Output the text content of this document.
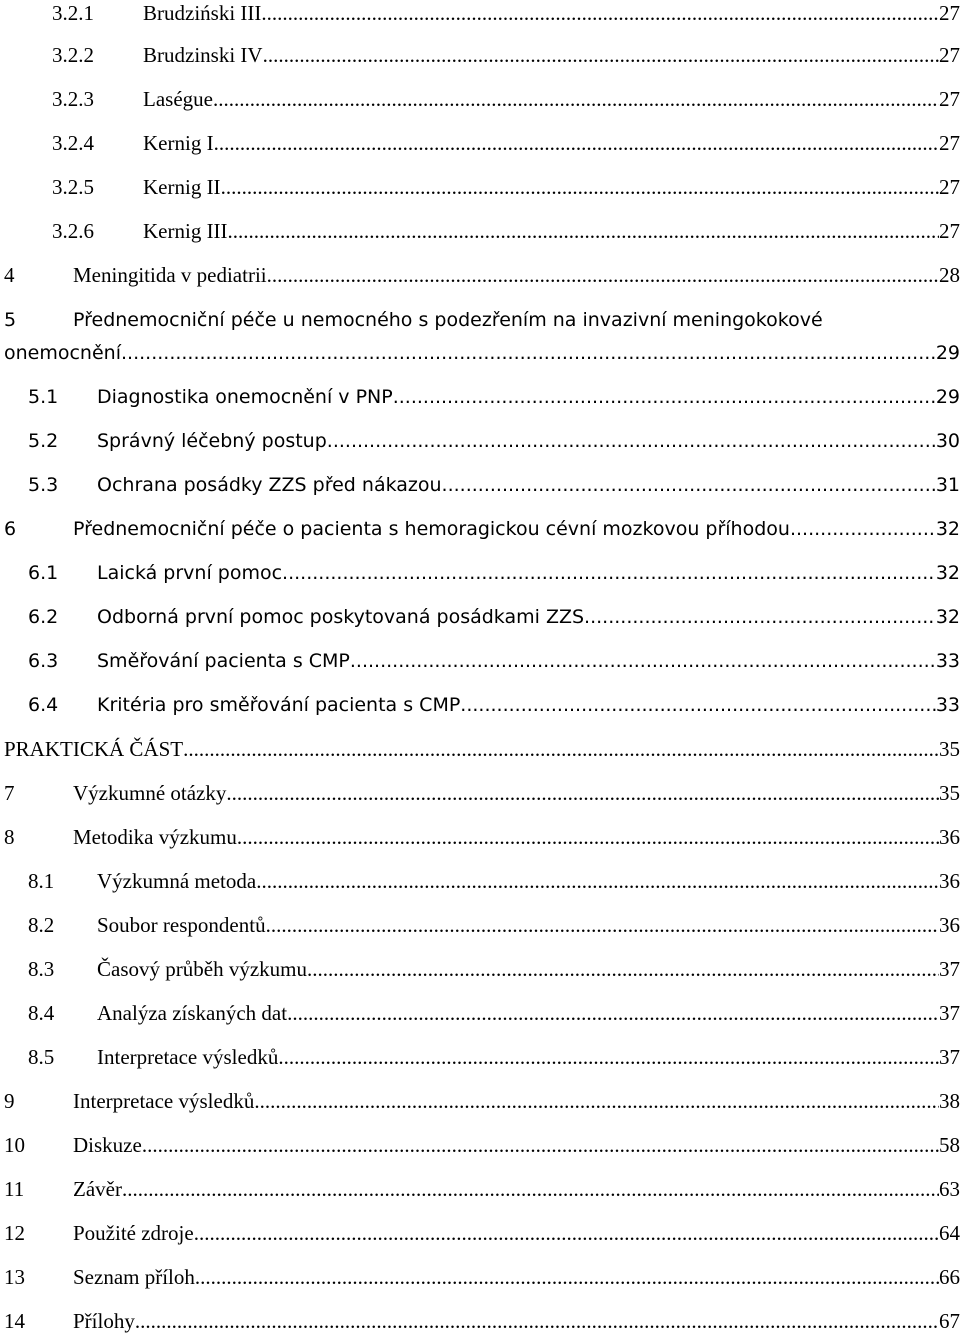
3.2.1 Brudziński III .....	27
3.2.2 Brudzinski IV .....	27
3.2.3 Laségue .....	27
3.2.4 Kernig I .....	27
3.2.5 Kernig II .....	27
3.2.6 Kernig III .....	27
4	Meningitida v pediatrii .....	28
5	Přednemocniční péče u nemocného s podezřením na invazivní meningokokové
onemocnění .....	29
5.1 Diagnostika onemocnění v PNP .....	29
5.2 Správný léčebný postup .....	30
5.3 Ochrana posádky ZZS před nákazou .....	31
6	Přednemocniční péče o pacienta s hemoragickou cévní mozkovou příhodou .....	32
6.1 Laická první pomoc .....	32
6.2 Odborná první pomoc poskytovaná posádkami ZZS .....	32
6.3 Směřování pacienta s CMP .....	33
6.4 Kritéria pro směřování pacienta s CMP .....	33
PRAKTICKÁ ČÁST .....	35
7	Výzkumné otázky .....	35
8	Metodika výzkumu .....	36
8.1 Výzkumná metoda .....	36
8.2 Soubor respondentů .....	36
8.3 Časový průběh výzkumu .....	37
8.4 Analýza získaných dat .....	37
8.5 Interpretace výsledků .....	37
9	Interpretace výsledků .....	38
10 Diskuze .....	58
11 Závěr .....	63
12 Použité zdroje .....	64
13 Seznam příloh .....	66
14 Přílohy .....	67
